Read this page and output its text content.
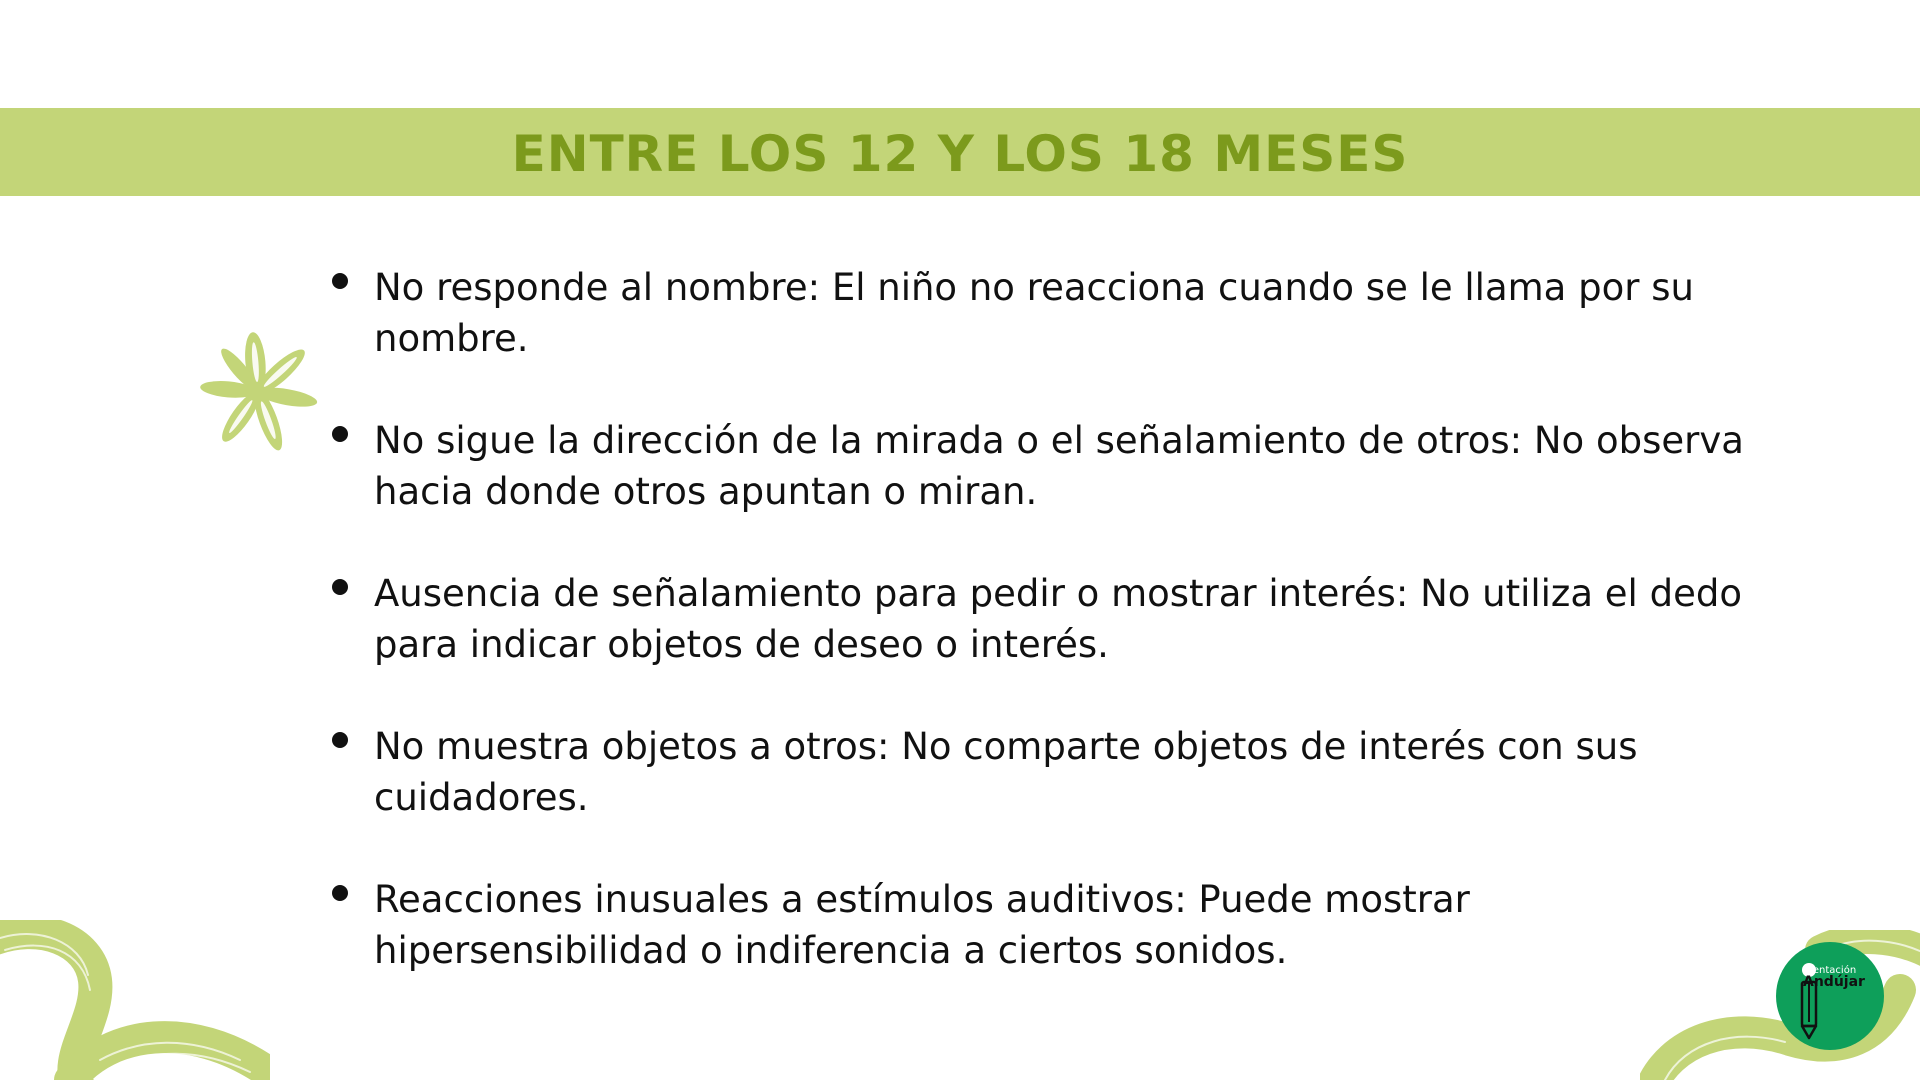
ENTRE LOS 12 Y LOS 18 MESES
No responde al nombre: El niño no reacciona cuando se le llama por su nombre.
No sigue la dirección de la mirada o el señalamiento de otros: No observa hacia donde otros apuntan o miran.
Ausencia de señalamiento para pedir o mostrar interés: No utiliza el dedo para indicar objetos de deseo o interés.
No muestra objetos a otros: No comparte objetos de interés con sus cuidadores.
Reacciones inusuales a estímulos auditivos: Puede mostrar hipersensibilidad o indiferencia a ciertos sonidos.	rientación
Andújar
